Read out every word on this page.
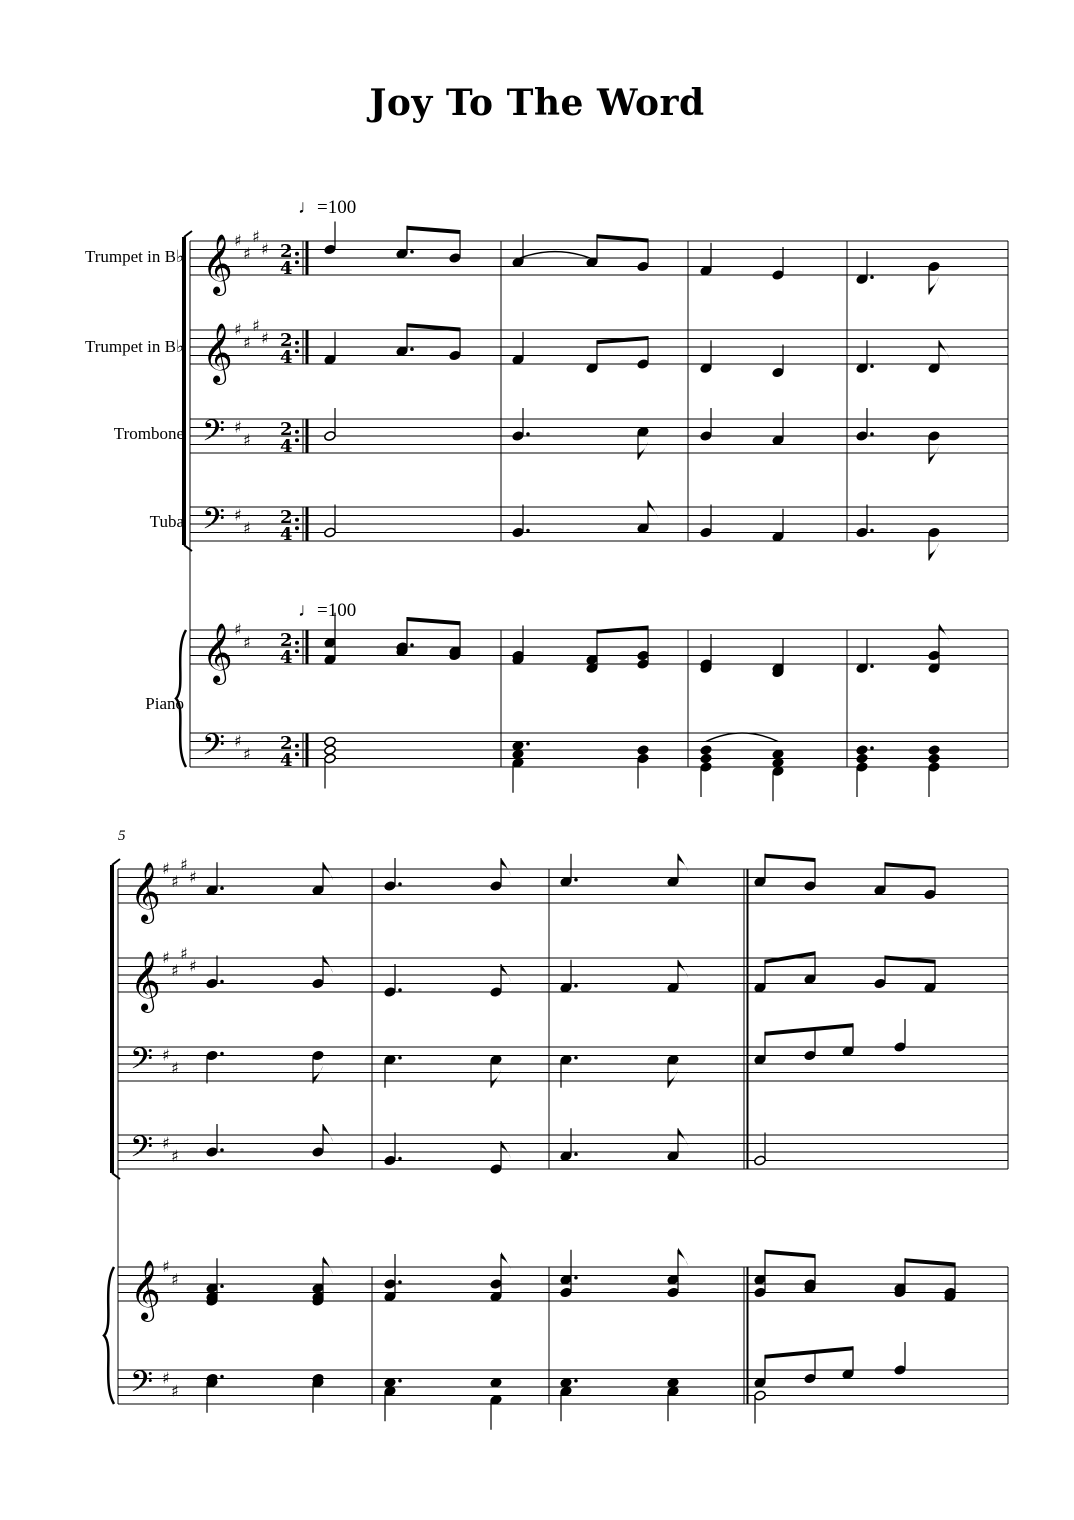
Joy To The Word
Trumpet in B♭
Trumpet in B♭
Trombone
Tuba
Piano
♩=100
♩=100
5
𝄞
𝄞
𝄢
𝄢
𝄞
𝄢
♯
♯
♯
♯
♯
♯
♯
♯
♯
♯
♯
♯
♯
♯
♯
♯
2
4
2
4
2
4
2
4
2
4
2
4
𝄞
𝄞
𝄢
𝄢
𝄞
𝄢
♯
♯
♯
♯
♯
♯
♯
♯
♯
♯
♯
♯
♯
♯
♯
♯
